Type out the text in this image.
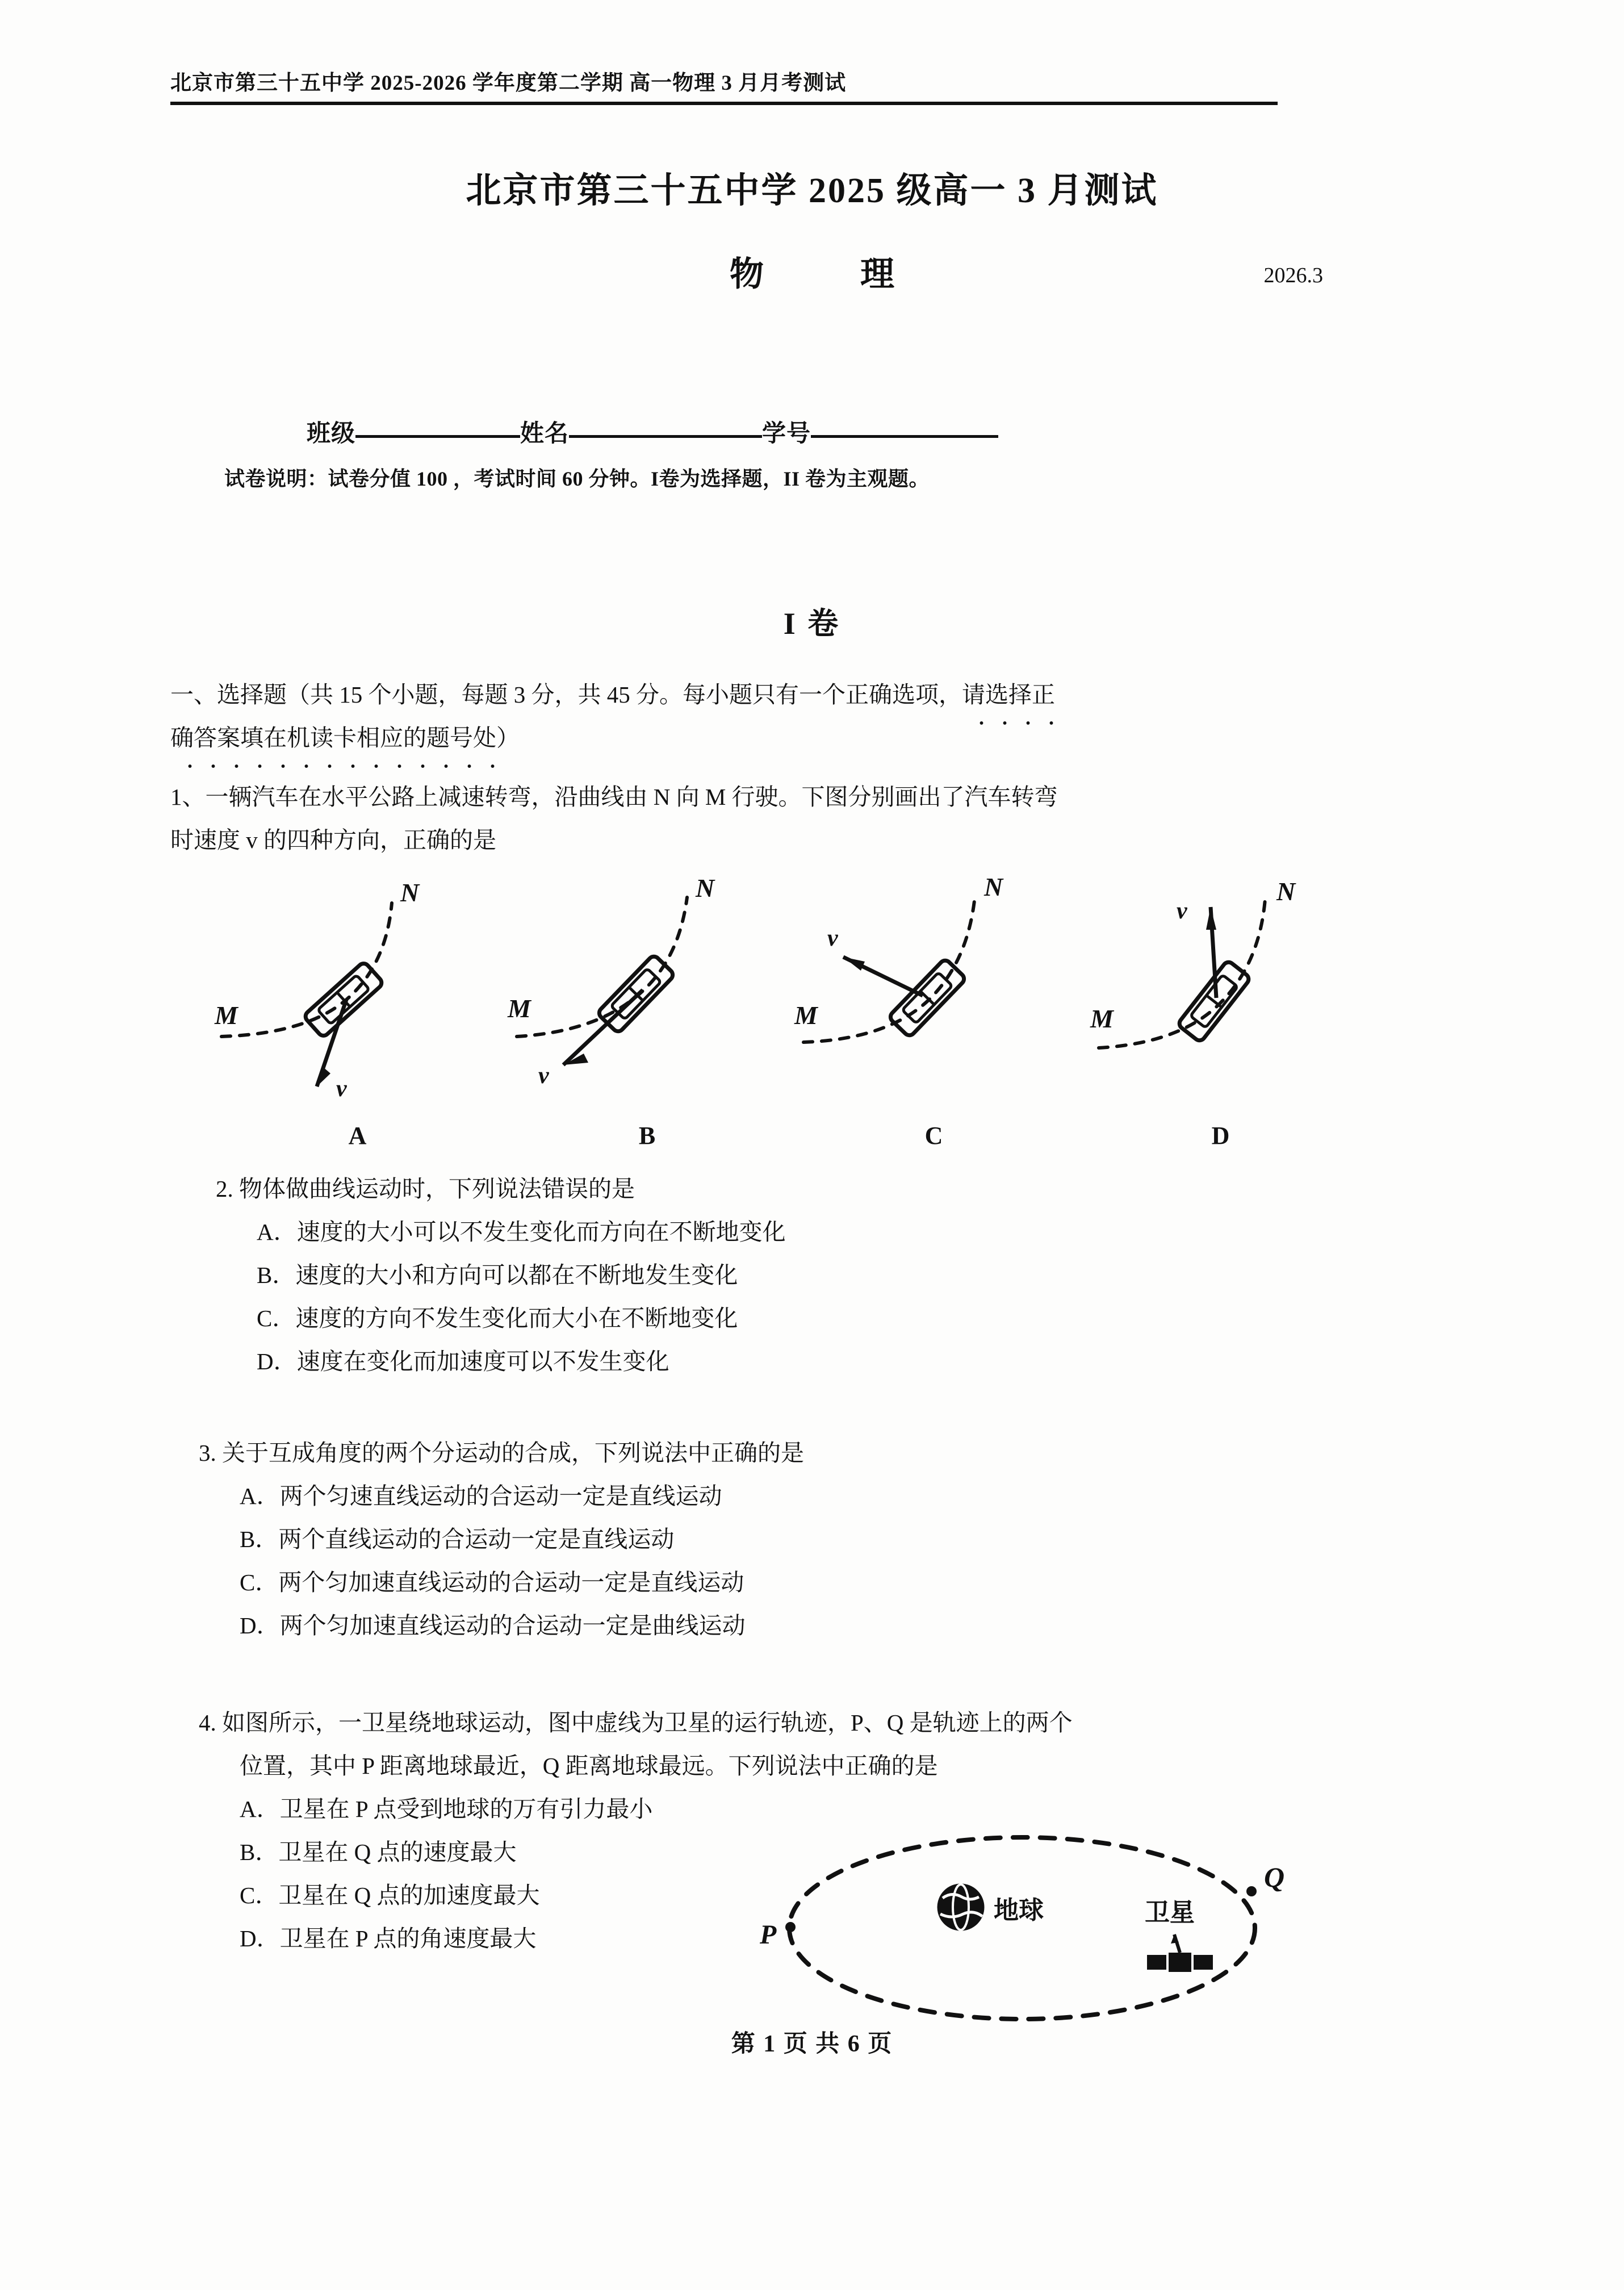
北京市第三十五中学 2025-2026 学年度第二学期 高一物理 3 月月考测试
北京市第三十五中学 2025 级高一 3 月测试
物　理	2026.3
班级	姓名	学号
试卷说明：试卷分值 100 ，考试时间 60 分钟。I卷为选择题，II 卷为主观题。
I 卷
一、选择题（共 15 个小题，每题 3 分，共 45 分。每小题只有一个正确选项，请选择正
确答案填在机读卡相应的题号处）
1、一辆汽车在水平公路上减速转弯，沿曲线由 N 向 M 行驶。下图分别画出了汽车转弯
时速度 v 的四种方向，正确的是
M
N
v
A
M
N
v
B
M
N
v
C
M
N
v
D
2. 物体做曲线运动时，下列说法错误的是
A．速度的大小可以不发生变化而方向在不断地变化
B．速度的大小和方向可以都在不断地发生变化
C．速度的方向不发生变化而大小在不断地变化
D．速度在变化而加速度可以不发生变化
3. 关于互成角度的两个分运动的合成，下列说法中正确的是
A．两个匀速直线运动的合运动一定是直线运动
B．两个直线运动的合运动一定是直线运动
C．两个匀加速直线运动的合运动一定是直线运动
D．两个匀加速直线运动的合运动一定是曲线运动
4. 如图所示，一卫星绕地球运动，图中虚线为卫星的运行轨迹，P、Q 是轨迹上的两个
位置，其中 P 距离地球最近，Q 距离地球最远。下列说法中正确的是
A．卫星在 P 点受到地球的万有引力最小
B．卫星在 Q 点的速度最大
C．卫星在 Q 点的加速度最大
D．卫星在 P 点的角速度最大	P
Q
地球	卫星
第 1 页 共 6 页
